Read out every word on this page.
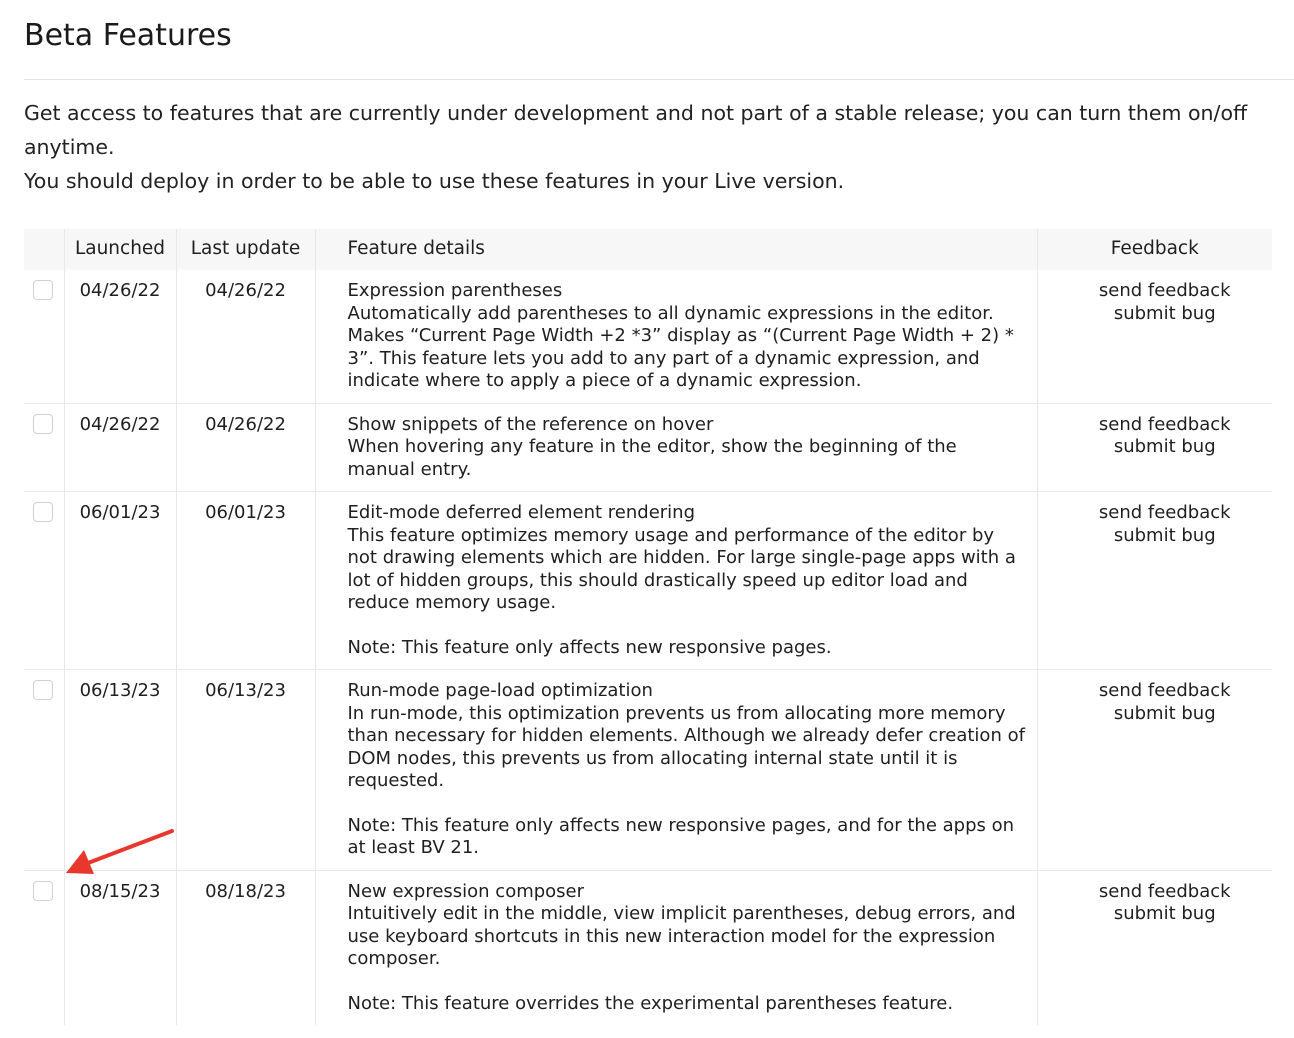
Beta Features

Get access to features that are currently under development and not part of a stable release; you can turn them on/off anytime.

You should deploy in order to be able to use these features in your Live version.

	Launched	Last update	Feature details	Feedback

	04/26/22	04/26/22	Expression parentheses
Automatically add parentheses to all dynamic expressions in the editor. Makes “Current Page Width +2 *3” display as “(Current Page Width + 2) * 3”. This feature lets you add to any part of a dynamic expression, and indicate where to apply a piece of a dynamic expression.	send feedback
submit bug

	04/26/22	04/26/22	Show snippets of the reference on hover
When hovering any feature in the editor, show the beginning of the manual entry.	send feedback
submit bug

	06/01/23	06/01/23	Edit-mode deferred element rendering
This feature optimizes memory usage and performance of the editor by not drawing elements which are hidden. For large single-page apps with a lot of hidden groups, this should drastically speed up editor load and reduce memory usage.
Note: This feature only affects new responsive pages.	send feedback
submit bug

	06/13/23	06/13/23	Run-mode page-load optimization
In run-mode, this optimization prevents us from allocating more memory than necessary for hidden elements. Although we already defer creation of DOM nodes, this prevents us from allocating internal state until it is requested.
Note: This feature only affects new responsive pages, and for the apps on at least BV 21.	send feedback
submit bug

	08/15/23	08/18/23	New expression composer
Intuitively edit in the middle, view implicit parentheses, debug errors, and use keyboard shortcuts in this new interaction model for the expression composer.
Note: This feature overrides the experimental parentheses feature.	send feedback
submit bug
